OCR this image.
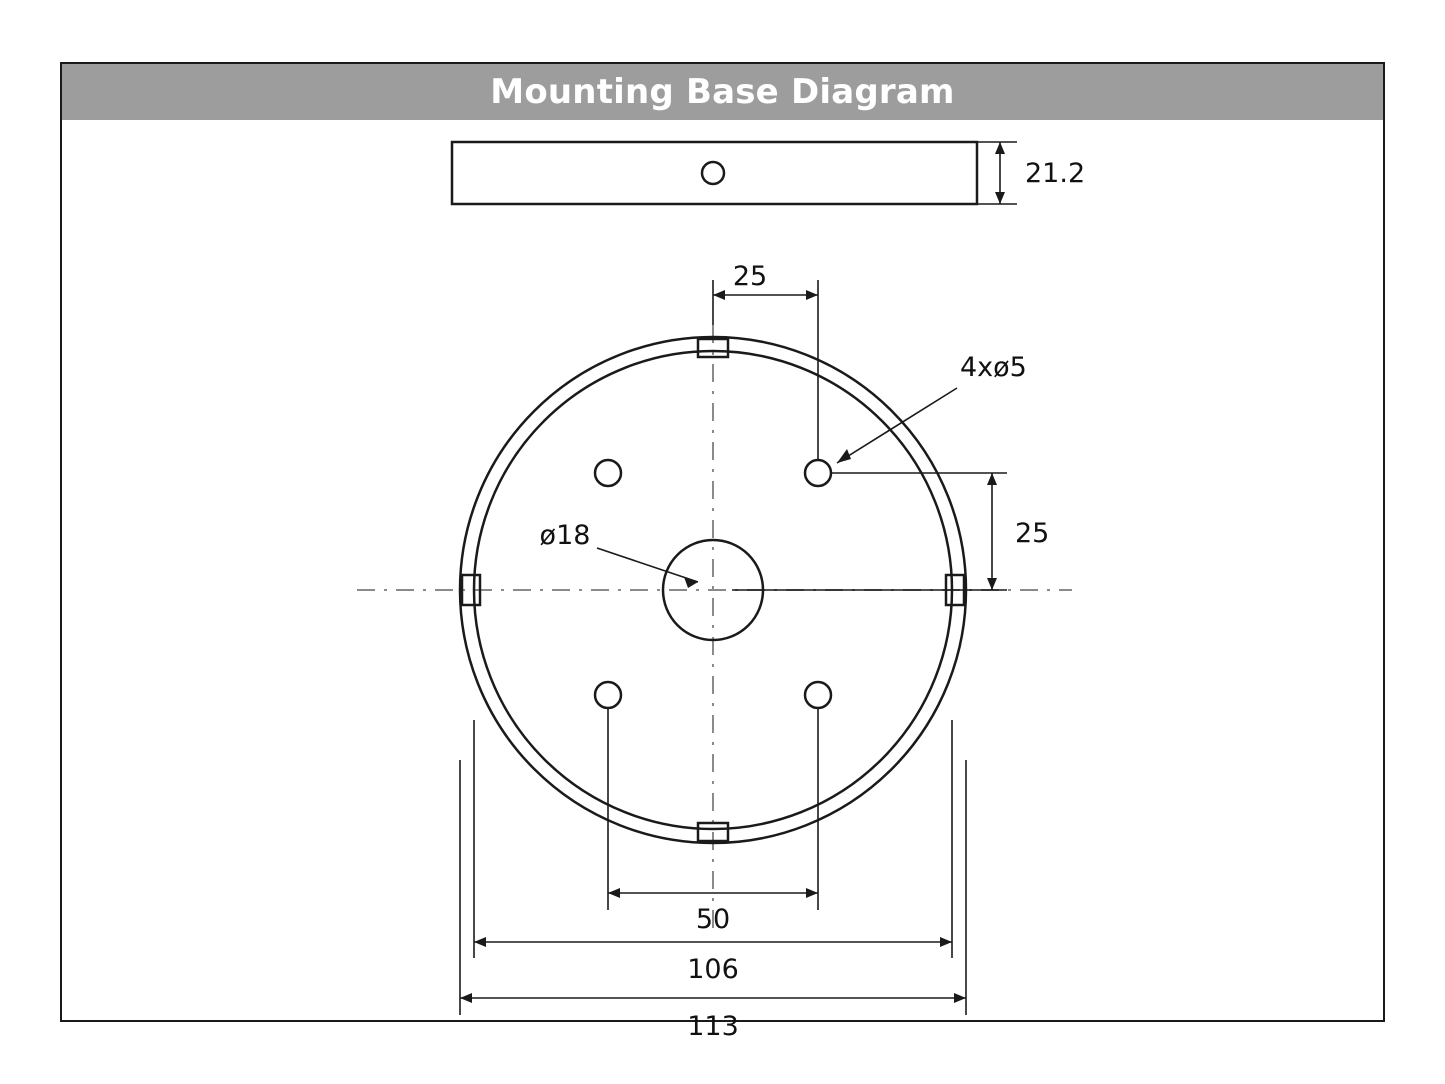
Mounting Base Diagram
21.2
25
4xø5
25
ø18
50
106
113
